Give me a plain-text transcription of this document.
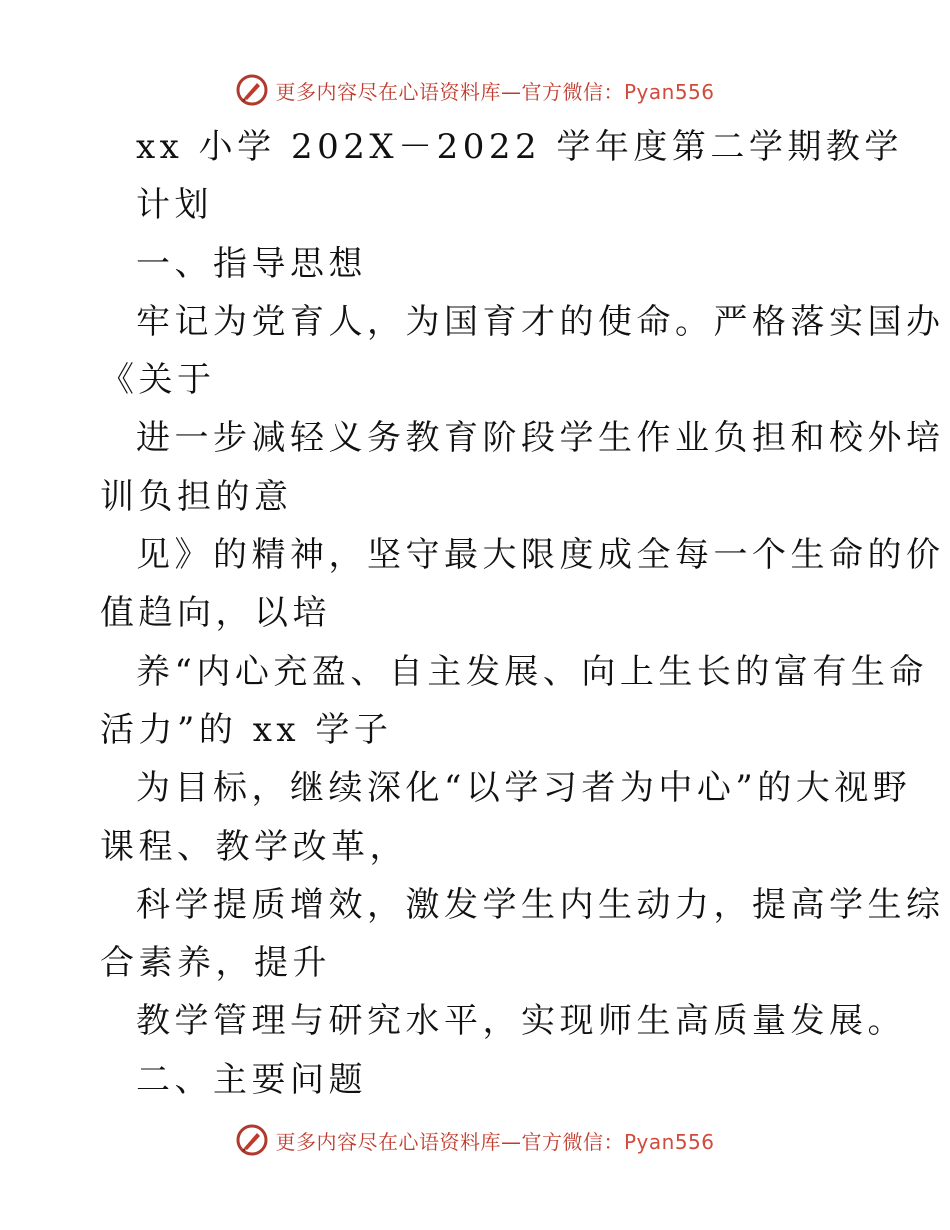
更多内容尽在心语资料库—官方微信：Pyan556
xx 小学 202X－2022 学年度第二学期教学
计划
一、指导思想
牢记为党育人，为国育才的使命。严格落实国办
《关于
进一步减轻义务教育阶段学生作业负担和校外培
训负担的意
见》的精神，坚守最大限度成全每一个生命的价
值趋向，以培
养“内心充盈、自主发展、向上生长的富有生命
活力”的 xx 学子
为目标，继续深化“以学习者为中心”的大视野
课程、教学改革，
科学提质增效，激发学生内生动力，提高学生综
合素养，提升
教学管理与研究水平，实现师生高质量发展。
二、主要问题
更多内容尽在心语资料库—官方微信：Pyan556
